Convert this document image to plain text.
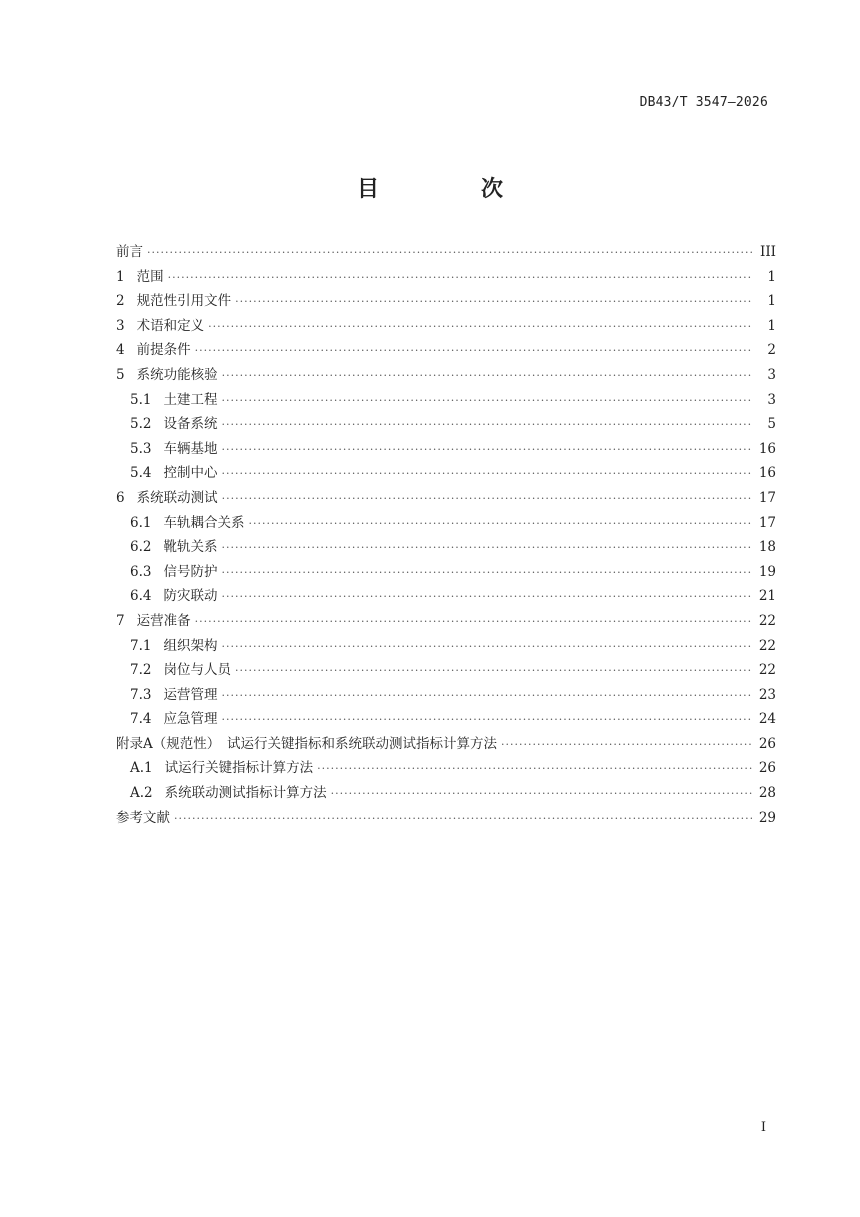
DB43/T 3547—2026
目　次
前言 ·····	III
1 范围 ·····	1
2 规范性引用文件 ·····	1
3 术语和定义 ·····	1
4 前提条件 ·····	2
5 系统功能核验 ·····	3
5.1 土建工程 ·····	3
5.2 设备系统 ·····	5
5.3 车辆基地 ·····	16
5.4 控制中心 ·····	16
6 系统联动测试 ·····	17
6.1 车轨耦合关系 ·····	17
6.2 靴轨关系 ·····	18
6.3 信号防护 ·····	19
6.4 防灾联动 ·····	21
7 运营准备 ·····	22
7.1 组织架构 ·····	22
7.2 岗位与人员 ·····	22
7.3 运营管理 ·····	23
7.4 应急管理 ·····	24
附录A（规范性）　试运行关键指标和系统联动测试指标计算方法 ·····	26
A.1 试运行关键指标计算方法 ·····	26
A.2 系统联动测试指标计算方法 ·····	28
参考文献 ·····	29
I
